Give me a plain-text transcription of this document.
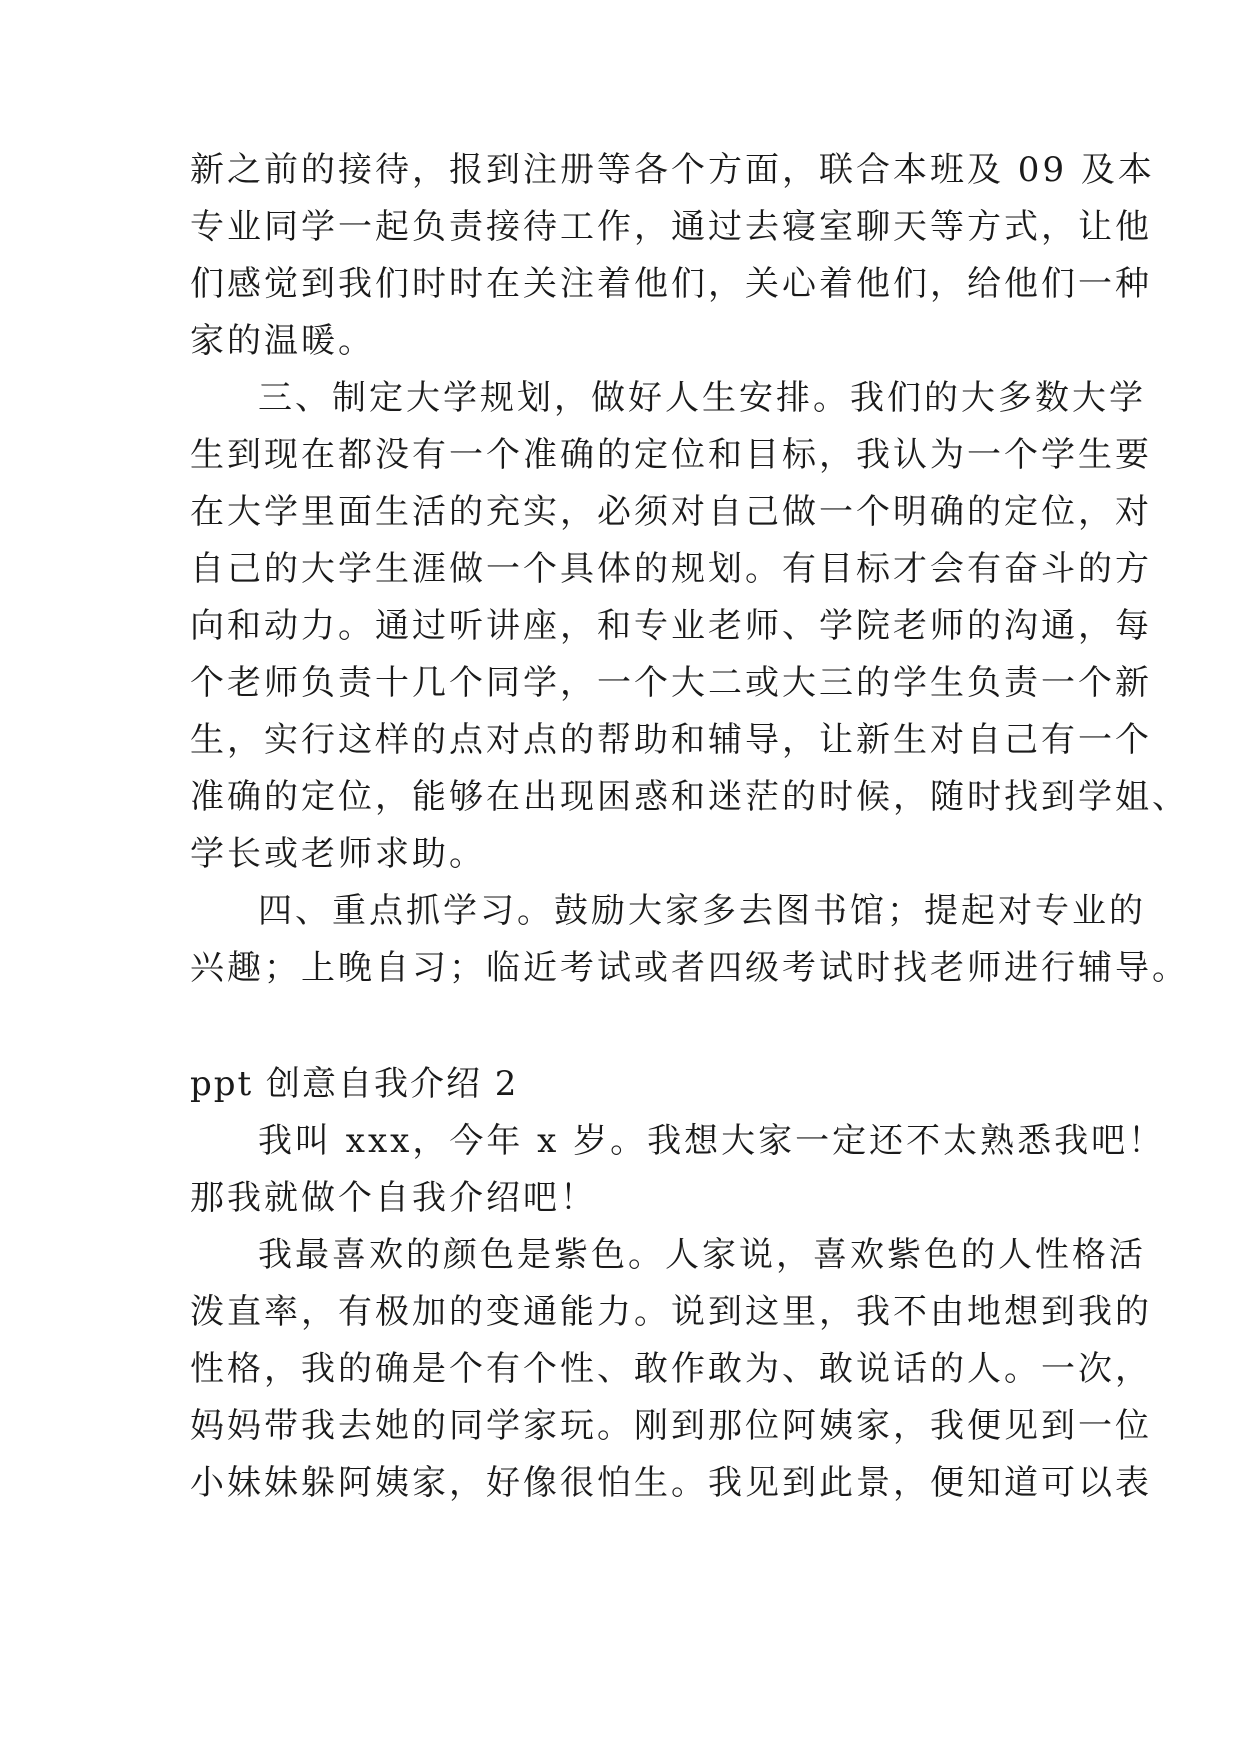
新之前的接待，报到注册等各个方面，联合本班及 09 及本
专业同学一起负责接待工作，通过去寝室聊天等方式，让他
们感觉到我们时时在关注着他们，关心着他们，给他们一种
家的温暖。
三、制定大学规划，做好人生安排。我们的大多数大学
生到现在都没有一个准确的定位和目标，我认为一个学生要
在大学里面生活的充实，必须对自己做一个明确的定位，对
自己的大学生涯做一个具体的规划。有目标才会有奋斗的方
向和动力。通过听讲座，和专业老师、学院老师的沟通，每
个老师负责十几个同学，一个大二或大三的学生负责一个新
生，实行这样的点对点的帮助和辅导，让新生对自己有一个
准确的定位，能够在出现困惑和迷茫的时候，随时找到学姐、
学长或老师求助。
四、重点抓学习。鼓励大家多去图书馆；提起对专业的
兴趣；上晚自习；临近考试或者四级考试时找老师进行辅导。
ppt 创意自我介绍 2
我叫 xxx，今年 x 岁。我想大家一定还不太熟悉我吧！
那我就做个自我介绍吧！
我最喜欢的颜色是紫色。人家说，喜欢紫色的人性格活
泼直率，有极加的变通能力。说到这里，我不由地想到我的
性格，我的确是个有个性、敢作敢为、敢说话的人。一次，
妈妈带我去她的同学家玩。刚到那位阿姨家，我便见到一位
小妹妹躲阿姨家，好像很怕生。我见到此景，便知道可以表
